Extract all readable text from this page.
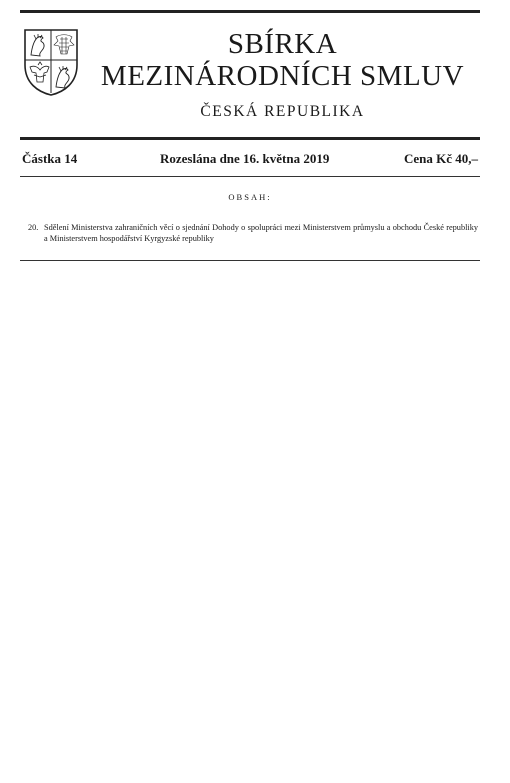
SBÍRKA
MEZINÁRODNÍCH SMLUV
ČESKÁ REPUBLIKA
Částka 14	Rozeslána dne 16. května 2019	Cena Kč 40,–
OBSAH:
20. Sdělení Ministerstva zahraničních věcí o sjednání Dohody o spolupráci mezi Ministerstvem průmyslu a obchodu České republiky a Ministerstvem hospodářství Kyrgyzské republiky
